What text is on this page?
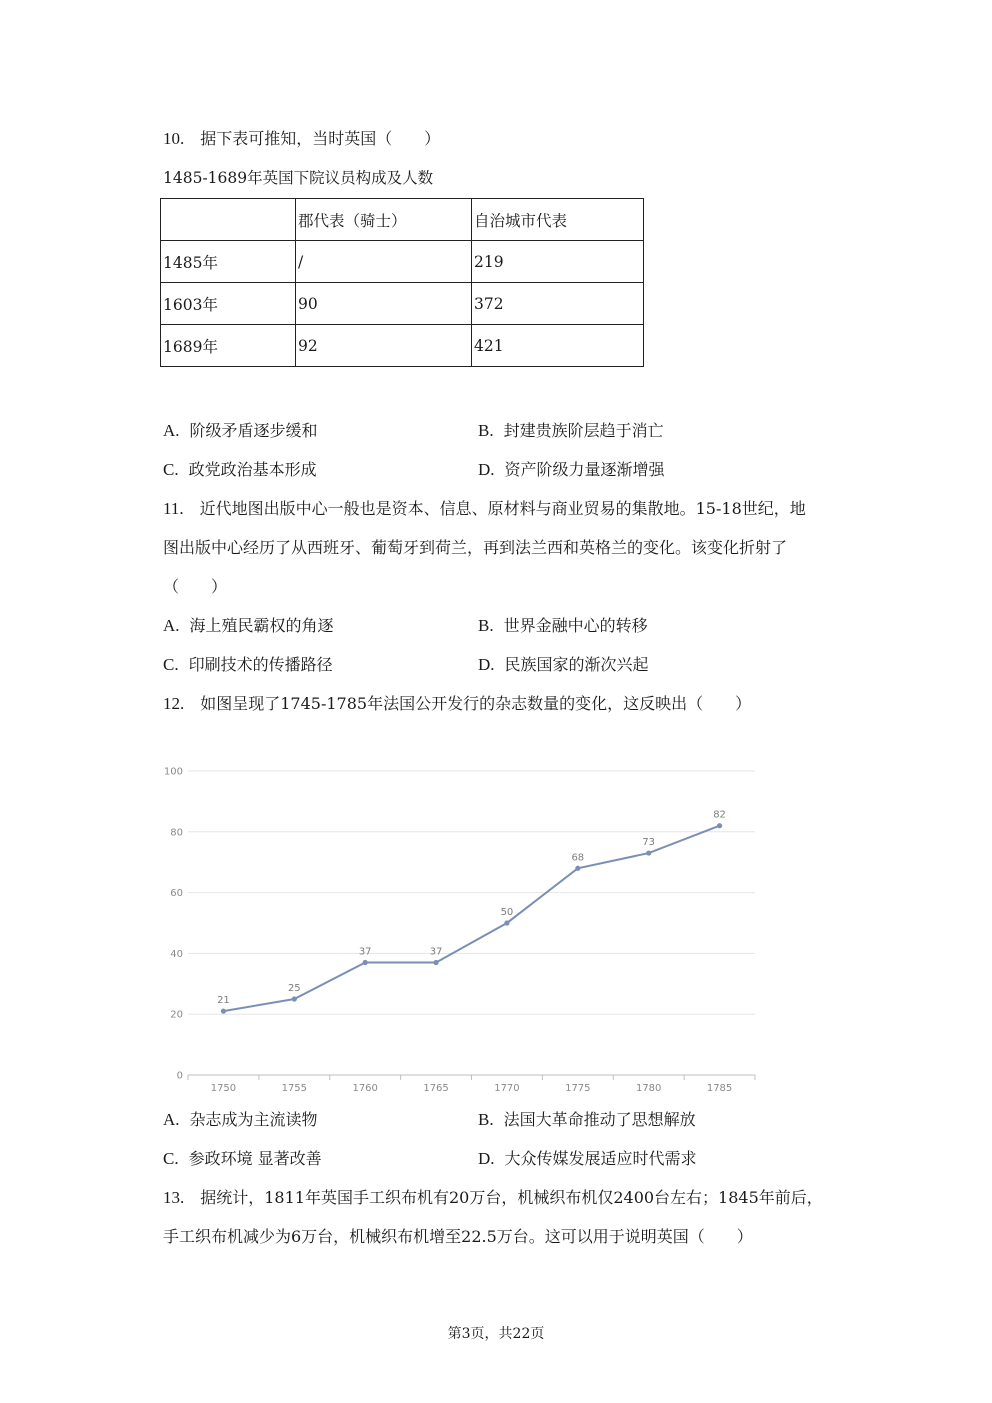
10. 据下表可推知，当时英国（　　）
1485-1689年英国下院议员构成及人数
	郡代表（骑士）	自治城市代表
1485年	/	219
1603年	90	372
1689年	92	421
A. 阶级矛盾逐步缓和	B. 封建贵族阶层趋于消亡
C. 政党政治基本形成	D. 资产阶级力量逐渐增强
11. 近代地图出版中心一般也是资本、信息、原材料与商业贸易的集散地。15-18世纪，地
图出版中心经历了从西班牙、葡萄牙到荷兰，再到法兰西和英格兰的变化。该变化折射了
（　　）
A. 海上殖民霸权的角逐	B. 世界金融中心的转移
C. 印刷技术的传播路径	D. 民族国家的渐次兴起
12. 如图呈现了1745-1785年法国公开发行的杂志数量的变化，这反映出（　　）
0
20
40
60
80
100
1750	1755	1760	1765	1770	1775	1780	1785
21
25
37	37
50
68
73
82
A. 杂志成为主流读物	B. 法国大革命推动了思想解放
C. 参政环境 显著改善	D. 大众传媒发展适应时代需求
13. 据统计，1811年英国手工织布机有20万台，机械织布机仅2400台左右；1845年前后，
手工织布机减少为6万台，机械织布机增至22.5万台。这可以用于说明英国（　　）
第3页，共22页
